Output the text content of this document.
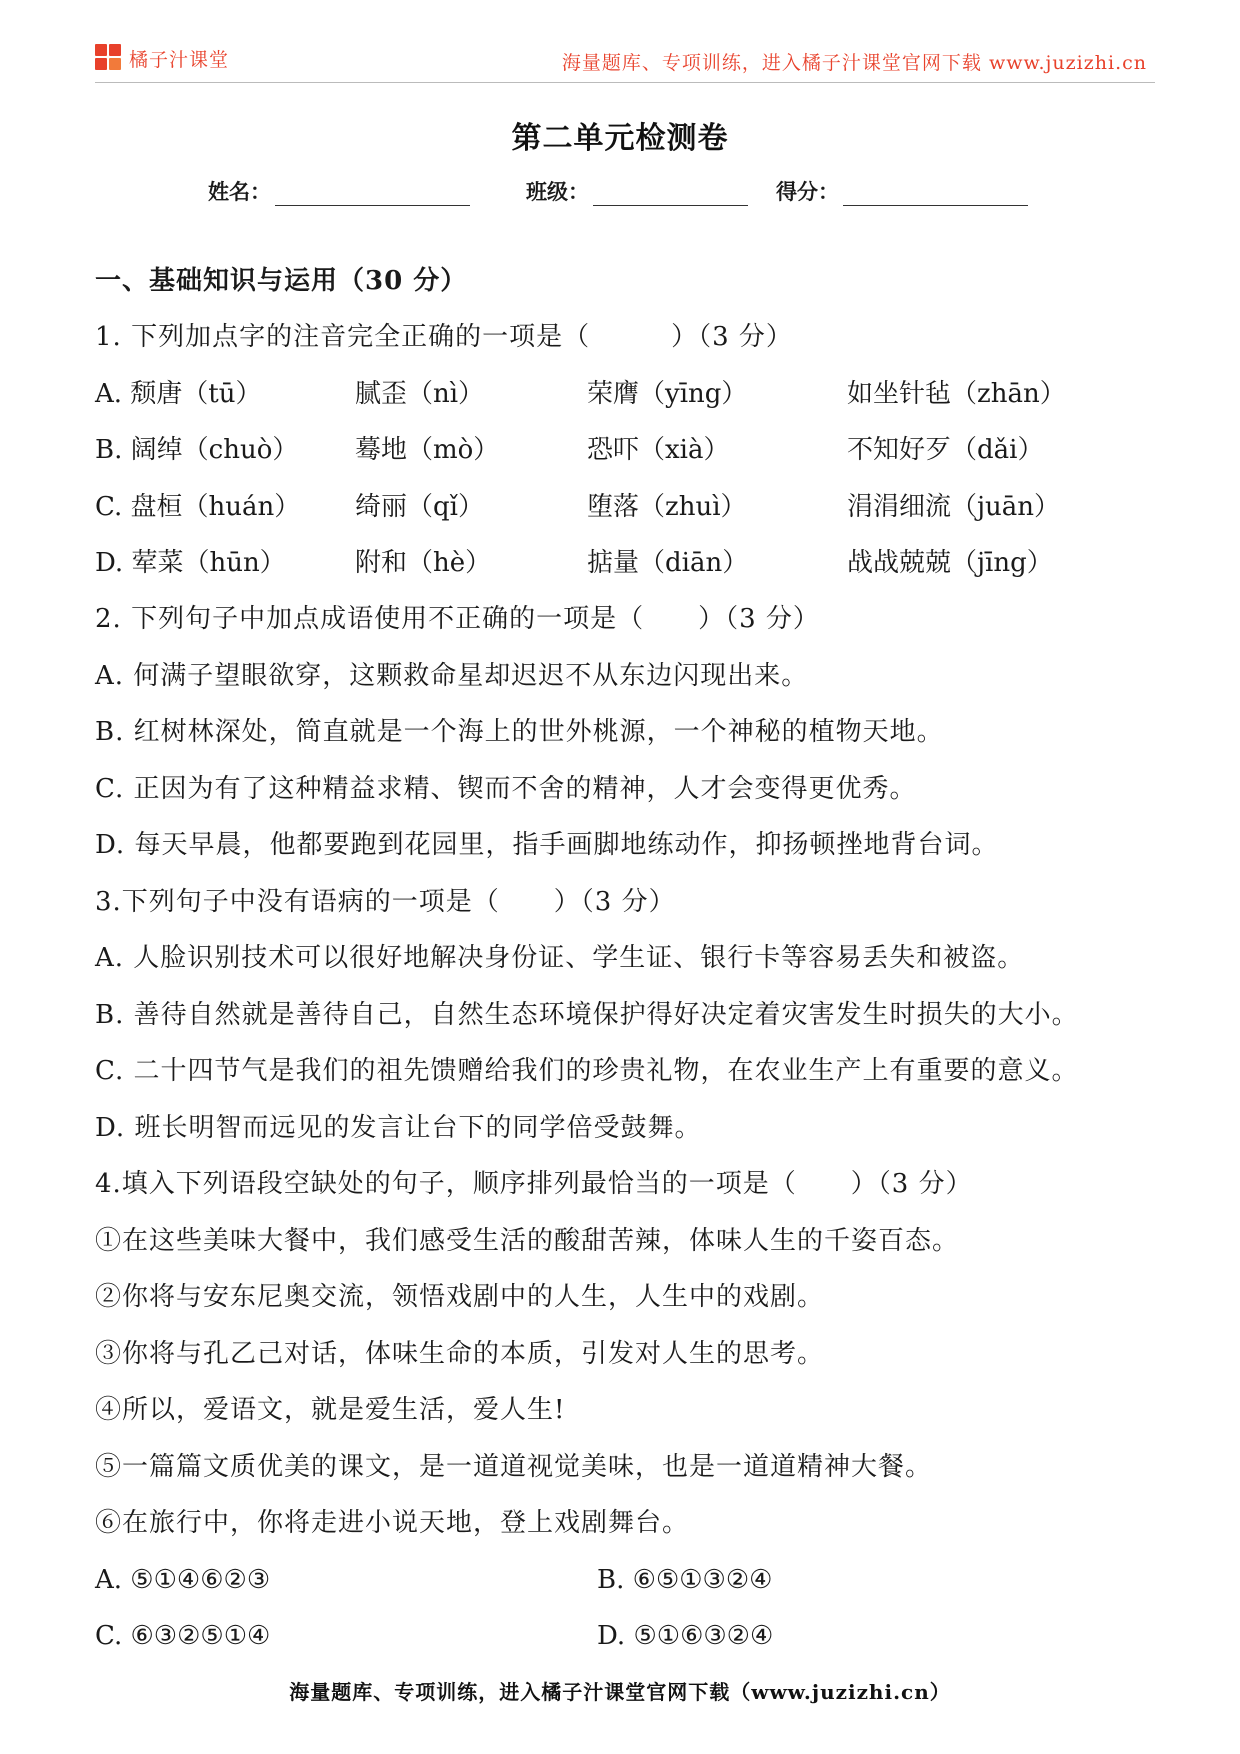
橘子汁课堂	海量题库、专项训练，进入橘子汁课堂官网下载 www.juzizhi.cn
第二单元检测卷
姓名：	班级：	得分：
一、基础知识与运用（30 分）
1. 下列加点字的注音完全正确的一项是（　　　）（3 分）
A. 颓唐（tū）	腻歪（nì）	荣膺（yīng）	如坐针毡（zhān）
B. 阔绰（chuò） 蓦地（mò）	恐吓（xià）	不知好歹（dǎi）
C. 盘桓（huán） 绮丽（qǐ）	堕落（zhuì）	涓涓细流（juān）
D. 荤菜（hūn）	附和（hè）	掂量（diān）	战战兢兢（jīng）
2. 下列句子中加点成语使用不正确的一项是（　　）（3 分）
A. 何满子望眼欲穿，这颗救命星却迟迟不从东边闪现出来。
B. 红树林深处，简直就是一个海上的世外桃源，一个神秘的植物天地。
C. 正因为有了这种精益求精、锲而不舍的精神，人才会变得更优秀。
D. 每天早晨，他都要跑到花园里，指手画脚地练动作，抑扬顿挫地背台词。
3.下列句子中没有语病的一项是（　　）（3 分）
A. 人脸识别技术可以很好地解决身份证、学生证、银行卡等容易丢失和被盗。
B. 善待自然就是善待自己，自然生态环境保护得好决定着灾害发生时损失的大小。
C. 二十四节气是我们的祖先馈赠给我们的珍贵礼物，在农业生产上有重要的意义。
D. 班长明智而远见的发言让台下的同学倍受鼓舞。
4.填入下列语段空缺处的句子，顺序排列最恰当的一项是（　　）（3 分）
①在这些美味大餐中，我们感受生活的酸甜苦辣，体味人生的千姿百态。
②你将与安东尼奥交流，领悟戏剧中的人生，人生中的戏剧。
③你将与孔乙己对话，体味生命的本质，引发对人生的思考。
④所以，爱语文，就是爱生活，爱人生!
⑤一篇篇文质优美的课文，是一道道视觉美味，也是一道道精神大餐。
⑥在旅行中，你将走进小说天地，登上戏剧舞台。
A. ⑤①④⑥②③	B. ⑥⑤①③②④
C. ⑥③②⑤①④	D. ⑤①⑥③②④
海量题库、专项训练，进入橘子汁课堂官网下载（www.juzizhi.cn）
